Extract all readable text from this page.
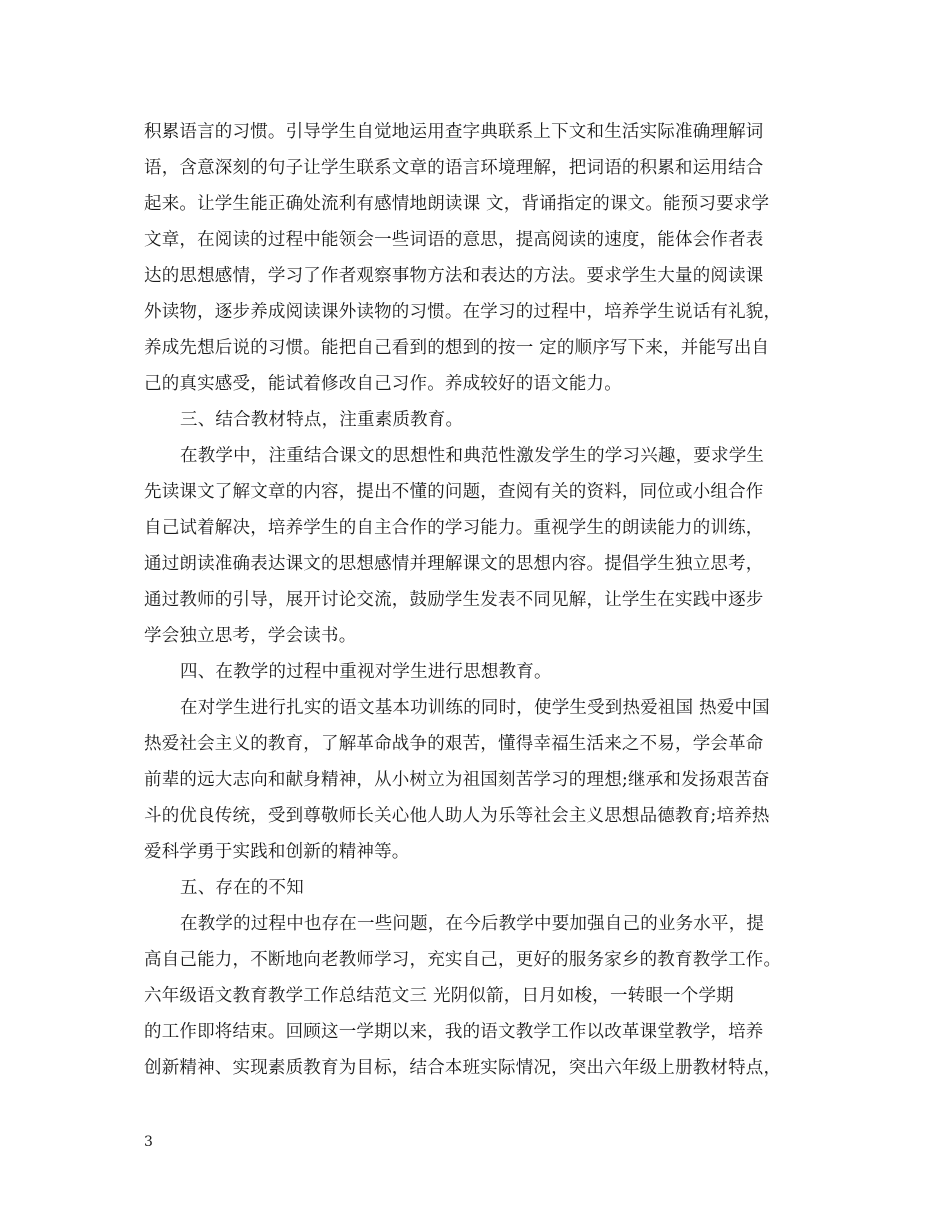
积累语言的习惯。引导学生自觉地运用查字典联系上下文和生活实际准确理解词
语，含意深刻的句子让学生联系文章的语言环境理解，把词语的积累和运用结合
起来。让学生能正确处流利有感情地朗读课 文，背诵指定的课文。能预习要求学
文章，在阅读的过程中能领会一些词语的意思，提高阅读的速度，能体会作者表
达的思想感情，学习了作者观察事物方法和表达的方法。要求学生大量的阅读课
外读物，逐步养成阅读课外读物的习惯。在学习的过程中，培养学生说话有礼貌，
养成先想后说的习惯。能把自己看到的想到的按一 定的顺序写下来，并能写出自
己的真实感受，能试着修改自己习作。养成较好的语文能力。
三、结合教材特点，注重素质教育。
在教学中，注重结合课文的思想性和典范性激发学生的学习兴趣，要求学生
先读课文了解文章的内容，提出不懂的问题，查阅有关的资料，同位或小组合作
自己试着解决，培养学生的自主合作的学习能力。重视学生的朗读能力的训练，
通过朗读准确表达课文的思想感情并理解课文的思想内容。提倡学生独立思考，
通过教师的引导，展开讨论交流，鼓励学生发表不同见解，让学生在实践中逐步
学会独立思考，学会读书。
四、在教学的过程中重视对学生进行思想教育。
在对学生进行扎实的语文基本功训练的同时，使学生受到热爱祖国 热爱中国
热爱社会主义的教育，了解革命战争的艰苦，懂得幸福生活来之不易，学会革命
前辈的远大志向和献身精神，从小树立为祖国刻苦学习的理想;继承和发扬艰苦奋
斗的优良传统，受到尊敬师长关心他人助人为乐等社会主义思想品德教育;培养热
爱科学勇于实践和创新的精神等。
五、存在的不知
在教学的过程中也存在一些问题，在今后教学中要加强自己的业务水平，提
高自己能力，不断地向老教师学习，充实自己，更好的服务家乡的教育教学工作。
六年级语文教育教学工作总结范文三 光阴似箭，日月如梭，一转眼一个学期
的工作即将结束。回顾这一学期以来，我的语文教学工作以改革课堂教学，培养
创新精神、实现素质教育为目标，结合本班实际情况，突出六年级上册教材特点，
3
